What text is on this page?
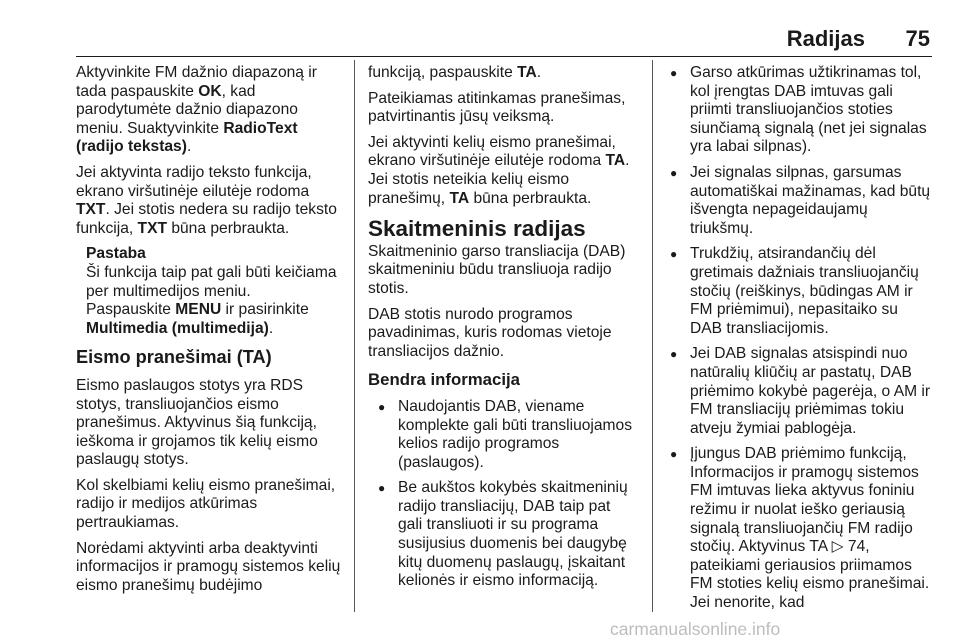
Radijas	75

Aktyvinkite FM dažnio diapazoną ir tada paspauskite OK, kad parodytumėte dažnio diapazono meniu. Suaktyvinkite RadioText (radijo tekstas).

Jei aktyvinta radijo teksto funkcija, ekrano viršutinėje eilutėje rodoma TXT. Jei stotis nedera su radijo teksto funkcija, TXT būna perbraukta.

Pastaba

Ši funkcija taip pat gali būti keičiama per multimedijos meniu.

Paspauskite MENU ir pasirinkite

Multimedia (multimedija).

Eismo pranešimai (TA)

Eismo paslaugos stotys yra RDS stotys, transliuojančios eismo pranešimus. Aktyvinus šią funkciją, ieškoma ir grojamos tik kelių eismo paslaugų stotys.

Kol skelbiami kelių eismo pranešimai, radijo ir medijos atkūrimas pertraukiamas.

Norėdami aktyvinti arba deaktyvinti informacijos ir pramogų sistemos kelių eismo pranešimų budėjimo

funkciją, paspauskite TA.

Pateikiamas atitinkamas pranešimas, patvirtinantis jūsų veiksmą.

Jei aktyvinti kelių eismo pranešimai, ekrano viršutinėje eilutėje rodoma TA. Jei stotis neteikia kelių eismo pranešimų, TA būna perbraukta.

Skaitmeninis radijas

Skaitmeninio garso transliacija (DAB) skaitmeniniu būdu transliuoja radijo stotis.

DAB stotis nurodo programos pavadinimas, kuris rodomas vietoje transliacijos dažnio.

Bendra informacija
● Naudojantis DAB, viename komplekte gali būti transliuojamos kelios radijo programos (paslaugos).
● Be aukštos kokybės skaitmeninių radijo transliacijų, DAB taip pat gali transliuoti ir su programa susijusius duomenis bei daugybę kitų duomenų paslaugų, įskaitant kelionės ir eismo informaciją.
● Garso atkūrimas užtikrinamas tol, kol įrengtas DAB imtuvas gali priimti transliuojančios stoties siunčiamą signalą (net jei signalas yra labai silpnas).
● Jei signalas silpnas, garsumas automatiškai mažinamas, kad būtų išvengta nepageidaujamų triukšmų.
● Trukdžių, atsirandančių dėl gretimais dažniais transliuojančių stočių (reiškinys, būdingas AM ir FM priėmimui), nepasitaiko su DAB transliacijomis.
● Jei DAB signalas atsispindi nuo natūralių kliūčių ar pastatų, DAB priėmimo kokybė pagerėja, o AM ir FM transliacijų priėmimas tokiu atveju žymiai pablogėja.
● Įjungus DAB priėmimo funkciją, Informacijos ir pramogų sistemos FM imtuvas lieka aktyvus foniniu režimu ir nuolat ieško geriausią signalą transliuojančių FM radijo stočių. Aktyvinus TA ▷ 74, pateikiami geriausios priimamos FM stoties kelių eismo pranešimai. Jei nenorite, kad
carmanualsonline.info
